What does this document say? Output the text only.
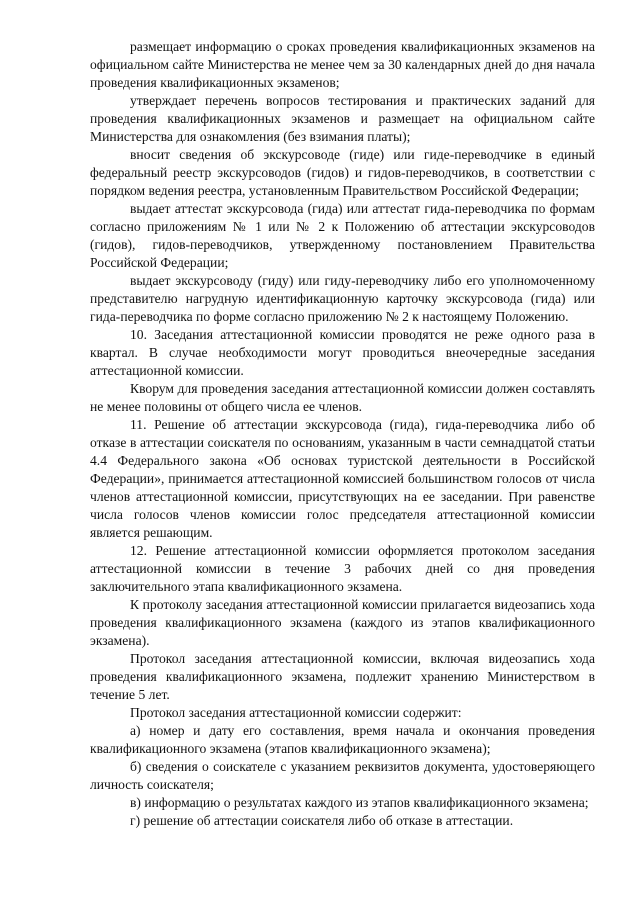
размещает информацию о сроках проведения квалификационных экзаменов на официальном сайте Министерства не менее чем за 30 календарных дней до дня начала проведения квалификационных экзаменов;

утверждает перечень вопросов тестирования и практических заданий для проведения квалификационных экзаменов и размещает на официальном сайте Министерства для ознакомления (без взимания платы);

вносит сведения об экскурсоводе (гиде) или гиде-переводчике в единый федеральный реестр экскурсоводов (гидов) и гидов-переводчиков, в соответствии с порядком ведения реестра, установленным Правительством Российской Федерации;

выдает аттестат экскурсовода (гида) или аттестат гида-переводчика по формам согласно приложениям № 1 или № 2 к Положению об аттестации экскурсоводов (гидов), гидов-переводчиков, утвержденному постановлением Правительства Российской Федерации;

выдает экскурсоводу (гиду) или гиду-переводчику либо его уполномоченному представителю нагрудную идентификационную карточку экскурсовода (гида) или гида-переводчика по форме согласно приложению № 2 к настоящему Положению.

10. Заседания аттестационной комиссии проводятся не реже одного раза в квартал. В случае необходимости могут проводиться внеочередные заседания аттестационной комиссии.

Кворум для проведения заседания аттестационной комиссии должен составлять не менее половины от общего числа ее членов.

11. Решение об аттестации экскурсовода (гида), гида-переводчика либо об отказе в аттестации соискателя по основаниям, указанным в части семнадцатой статьи 4.4 Федерального закона «Об основах туристской деятельности в Российской Федерации», принимается аттестационной комиссией большинством голосов от числа членов аттестационной комиссии, присутствующих на ее заседании. При равенстве числа голосов членов комиссии голос председателя аттестационной комиссии является решающим.

12. Решение аттестационной комиссии оформляется протоколом заседания аттестационной комиссии в течение 3 рабочих дней со дня проведения заключительного этапа квалификационного экзамена.

К протоколу заседания аттестационной комиссии прилагается видеозапись хода проведения квалификационного экзамена (каждого из этапов квалификационного экзамена).

Протокол заседания аттестационной комиссии, включая видеозапись хода проведения квалификационного экзамена, подлежит хранению Министерством в течение 5 лет.

Протокол заседания аттестационной комиссии содержит:

а) номер и дату его составления, время начала и окончания проведения квалификационного экзамена (этапов квалификационного экзамена);

б) сведения о соискателе с указанием реквизитов документа, удостоверяющего личность соискателя;

в) информацию о результатах каждого из этапов квалификационного экзамена;

г) решение об аттестации соискателя либо об отказе в аттестации.
